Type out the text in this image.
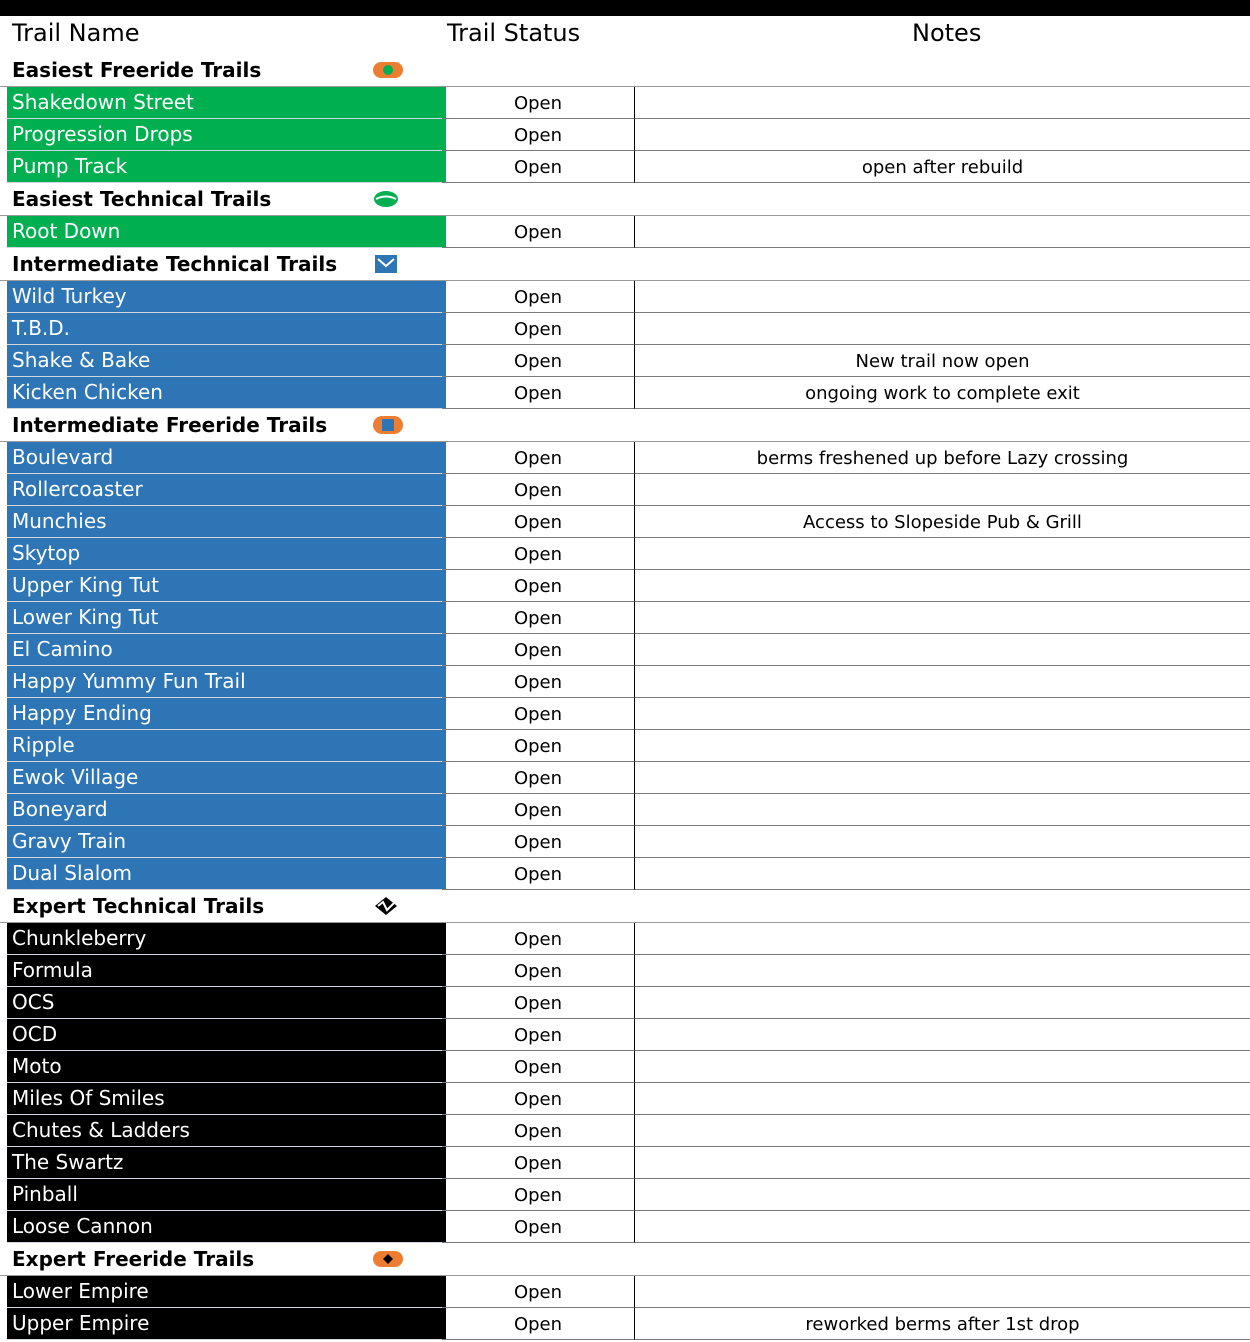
Trail Name	Trail Status	Notes
Easiest Freeride Trails
Shakedown Street	Open
Progression Drops	Open
Pump Track	Open	open after rebuild
Easiest Technical Trails
Root Down	Open
Intermediate Technical Trails
Wild Turkey	Open
T.B.D.	Open
Shake & Bake	Open	New trail now open
Kicken Chicken	Open	ongoing work to complete exit
Intermediate Freeride Trails
Boulevard	Open	berms freshened up before Lazy crossing
Rollercoaster	Open
Munchies	Open	Access to Slopeside Pub & Grill
Skytop	Open
Upper King Tut	Open
Lower King Tut	Open
El Camino	Open
Happy Yummy Fun Trail	Open
Happy Ending	Open
Ripple	Open
Ewok Village	Open
Boneyard	Open
Gravy Train	Open
Dual Slalom	Open
Expert Technical Trails
Chunkleberry	Open
Formula	Open
OCS	Open
OCD	Open
Moto	Open
Miles Of Smiles	Open
Chutes & Ladders	Open
The Swartz	Open
Pinball	Open
Loose Cannon	Open
Expert Freeride Trails
Lower Empire	Open
Upper Empire	Open	reworked berms after 1st drop
